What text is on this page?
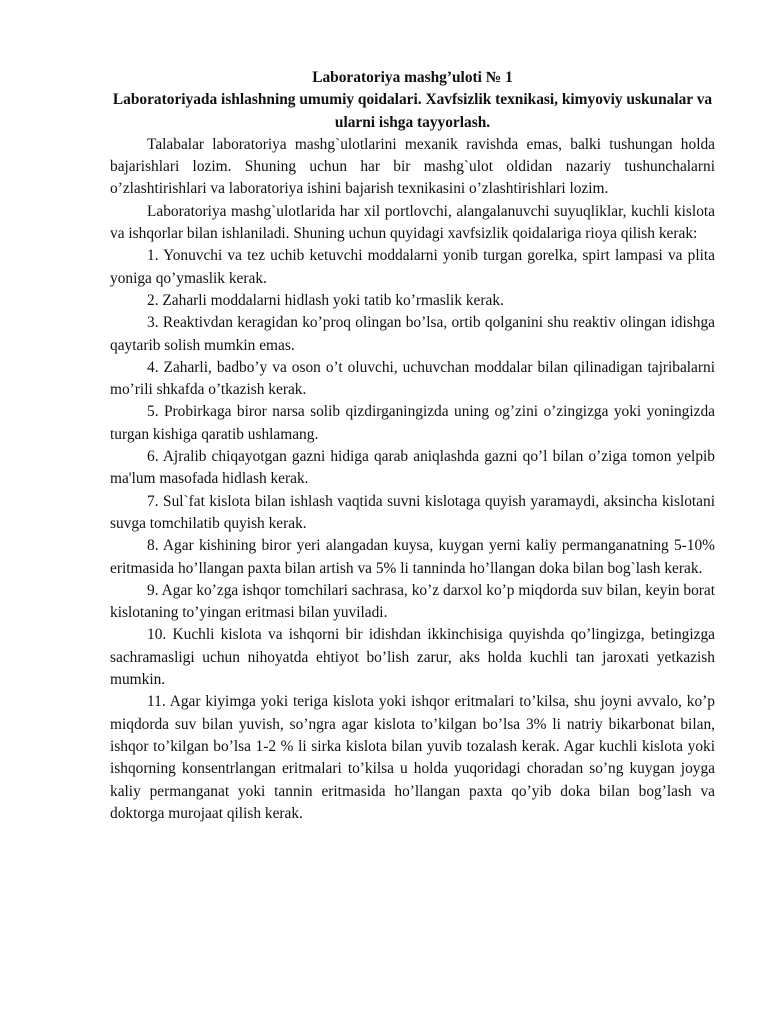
Laboratoriya mashg’uloti № 1
Laboratoriyada ishlashning umumiy qoidalari. Xavfsizlik texnikasi, kimyoviy uskunalar va ularni ishga tayyorlash.

Talabalar laboratoriya mashg`ulotlarini mexanik ravishda emas, balki tushungan holda bajarishlari lozim. Shuning uchun har bir mashg`ulot oldidan nazariy tushunchalarni o’zlashtirishlari va laboratoriya ishini bajarish texnikasini o’zlashtirishlari lozim.

Laboratoriya mashg`ulotlarida har xil portlovchi, alangalanuvchi suyuqliklar, kuchli kislota va ishqorlar bilan ishlaniladi. Shuning uchun quyidagi xavfsizlik qoidalariga rioya qilish kerak:

1. Yonuvchi va tez uchib ketuvchi moddalarni yonib turgan gorelka, spirt lampasi va plita yoniga qo’ymaslik kerak.

2. Zaharli moddalarni hidlash yoki tatib ko’rmaslik kerak.

3. Reaktivdan keragidan ko’proq olingan bo’lsa, ortib qolganini shu reaktiv olingan idishga qaytarib solish mumkin emas.

4. Zaharli, badbo’y va oson o’t oluvchi, uchuvchan moddalar bilan qilinadigan tajribalarni mo’rili shkafda o’tkazish kerak.

5. Probirkaga biror narsa solib qizdirganingizda uning og’zini o’zingizga yoki yoningizda turgan kishiga qaratib ushlamang.

6. Ajralib chiqayotgan gazni hidiga qarab aniqlashda gazni qo’l bilan o’ziga tomon yelpib ma'lum masofada hidlash kerak.

7. Sul`fat kislota bilan ishlash vaqtida suvni kislotaga quyish yaramaydi, aksincha kislotani suvga tomchilatib quyish kerak.

8. Agar kishining biror yeri alangadan kuysa, kuygan yerni kaliy permanganatning 5-10% eritmasida ho’llangan paxta bilan artish va 5% li tanninda ho’llangan doka bilan bog`lash kerak.

9. Agar ko’zga ishqor tomchilari sachrasa, ko’z darxol ko’p miqdorda suv bilan, keyin borat kislotaning to’yingan eritmasi bilan yuviladi.

10. Kuchli kislota va ishqorni bir idishdan ikkinchisiga quyishda qo’lingizga, betingizga sachramasligi uchun nihoyatda ehtiyot bo’lish zarur, aks holda kuchli tan jaroxati yetkazish mumkin.

11. Agar kiyimga yoki teriga kislota yoki ishqor eritmalari to’kilsa, shu joyni avvalo, ko’p miqdorda suv bilan yuvish, so’ngra agar kislota to’kilgan bo’lsa 3% li natriy bikarbonat bilan, ishqor to’kilgan bo’lsa 1-2 % li sirka kislota bilan yuvib tozalash kerak. Agar kuchli kislota yoki ishqorning konsentrlangan eritmalari to’kilsa u holda yuqoridagi choradan so’ng kuygan joyga kaliy permanganat yoki tannin eritmasida ho’llangan paxta qo’yib doka bilan bog’lash va doktorga murojaat qilish kerak.
